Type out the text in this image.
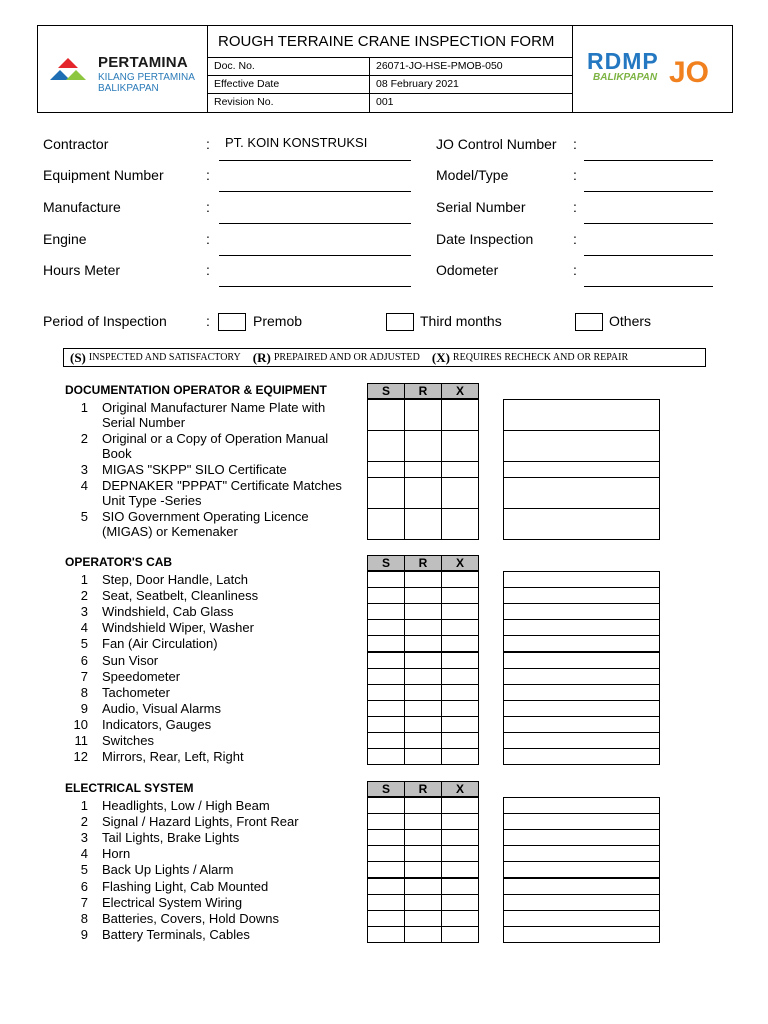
PERTAMINA
KILANG PERTAMINA
BALIKPAPAN
ROUGH TERRAINE CRANE INSPECTION FORM
Doc. No.	26071-JO-HSE-PMOB-050
Effective Date	08 February 2021
Revision No.	001
RDMP
BALIKPAPAN JO
Contractor	: PT. KOIN KONSTRUKSI
Equipment Number	:
Manufacture	:
Engine	:
Hours Meter	:
JO Control Number :
Model/Type	:
Serial Number	:
Date Inspection	:
Odometer	:
Period of Inspection	:	Premob	Third months	Others
(S) INSPECTED AND SATISFACTORY (R) PREPAIRED AND OR ADJUSTED (X) REQUIRES RECHECK AND OR REPAIR
DOCUMENTATION OPERATOR & EQUIPMENT	S	R	X
1 Original Manufacturer Name Plate with Serial Number
2 Original or a Copy of Operation Manual Book
3 MIGAS "SKPP" SILO Certificate
4 DEPNAKER "PPPAT" Certificate Matches Unit Type -Series
5 SIO Government Operating Licence (MIGAS) or Kemenaker
OPERATOR'S CAB	S	R	X
1 Step, Door Handle, Latch
2 Seat, Seatbelt, Cleanliness
3 Windshield, Cab Glass
4 Windshield Wiper, Washer
5 Fan (Air Circulation)
6 Sun Visor
7 Speedometer
8 Tachometer
9 Audio, Visual Alarms
10 Indicators, Gauges
11 Switches
12 Mirrors, Rear, Left, Right
ELECTRICAL SYSTEM	S	R	X
1 Headlights, Low / High Beam
2 Signal / Hazard Lights, Front Rear
3 Tail Lights, Brake Lights
4 Horn
5 Back Up Lights / Alarm
6 Flashing Light, Cab Mounted
7 Electrical System Wiring
8 Batteries, Covers, Hold Downs
9 Battery Terminals, Cables
